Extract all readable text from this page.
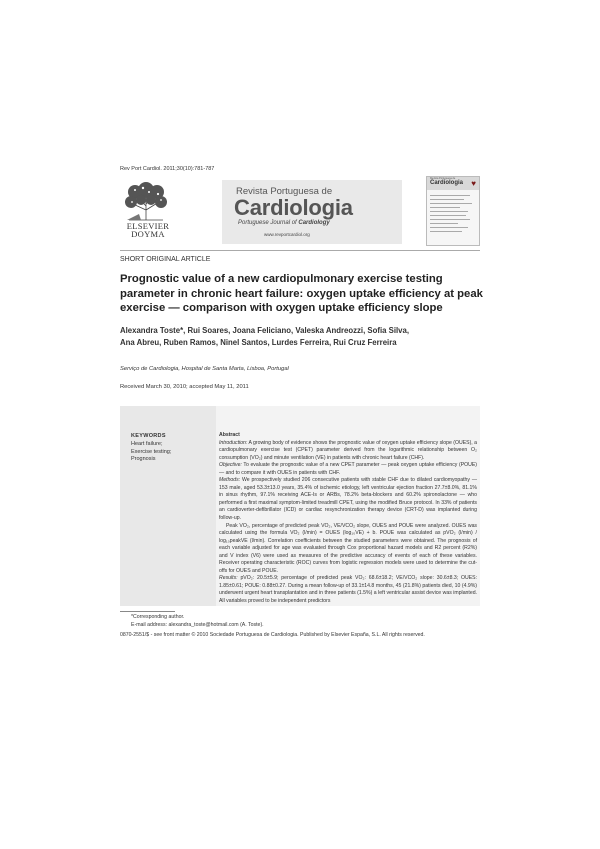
Rev Port Cardiol. 2011;30(10):781-787
ELSEVIER
DOYMA
Revista Portuguesa de
Cardiologia
Portuguese Journal of Cardiology
www.revportcardiol.org
Revista Portuguesa de
Cardiologia ♥
SHORT ORIGINAL ARTICLE
Prognostic value of a new cardiopulmonary exercise testing parameter in chronic heart failure: oxygen uptake efficiency at peak exercise — comparison with oxygen uptake efficiency slope
Alexandra Toste*, Rui Soares, Joana Feliciano, Valeska Andreozzi, Sofia Silva,
Ana Abreu, Ruben Ramos, Ninel Santos, Lurdes Ferreira, Rui Cruz Ferreira
Serviço de Cardiologia, Hospital de Santa Marta, Lisboa, Portugal
Received March 30, 2010; accepted May 11, 2011
KEYWORDS
Heart failure;
Exercise testing;
Prognosis

Abstract

Introduction: A growing body of evidence shows the prognostic value of oxygen uptake efficiency slope (OUES), a cardiopulmonary exercise test (CPET) parameter derived from the logarithmic relationship between O₂ consumption (VO₂) and minute ventilation (VE) in patients with chronic heart failure (CHF).

Objective: To evaluate the prognostic value of a new CPET parameter — peak oxygen uptake efficiency (POUE) — and to compare it with OUES in patients with CHF.

Methods: We prospectively studied 206 consecutive patients with stable CHF due to dilated cardiomyopathy — 153 male, aged 53.3±13.0 years, 35.4% of ischemic etiology, left ventricular ejection fraction 27.7±8.0%, 81.1% in sinus rhythm, 97.1% receiving ACE-Is or ARBs, 78.2% beta-blockers and 60.2% spironolactone — who performed a first maximal symptom-limited treadmill CPET, using the modified Bruce protocol. In 33% of patients an cardioverter-defibrillator (ICD) or cardiac resynchronization therapy device (CRT-D) was implanted during follow-up.

Peak VO₂, percentage of predicted peak VO₂, VE/VCO₂ slope, OUES and POUE were analyzed. OUES was calculated using the formula VO₂ (l/min) = OUES (log₁₀VE) + b. POUE was calculated as pVO₂ (l/min) / log₁₀peakVE (l/min). Correlation coefficients between the studied parameters were obtained. The prognosis of each variable adjusted for age was evaluated through Cox proportional hazard models and R2 percent (R2%) and V index (V6) were used as measures of the predictive accuracy of events of each of these variables. Receiver operating characteristic (ROC) curves from logistic regression models were used to determine the cut-offs for OUES and POUE.

Results: pVO₂: 20.5±5.9; percentage of predicted peak VO₂: 68.6±18.2; VE/VCO₂ slope: 30.6±8.3; OUES: 1.85±0.61; POUE: 0.88±0.27. During a mean follow-up of 33.1±14.8 months, 45 (21.8%) patients died, 10 (4.9%) underwent urgent heart transplantation and in three patients (1.5%) a left ventricular assist device was implanted. All variables proved to be independent predictors

*Corresponding author.
E-mail address: alexandra_toste@hotmail.com (A. Toste).
0870-2551/$ - see front matter © 2010 Sociedade Portuguesa de Cardiologia. Published by Elsevier España, S.L. All rights reserved.
